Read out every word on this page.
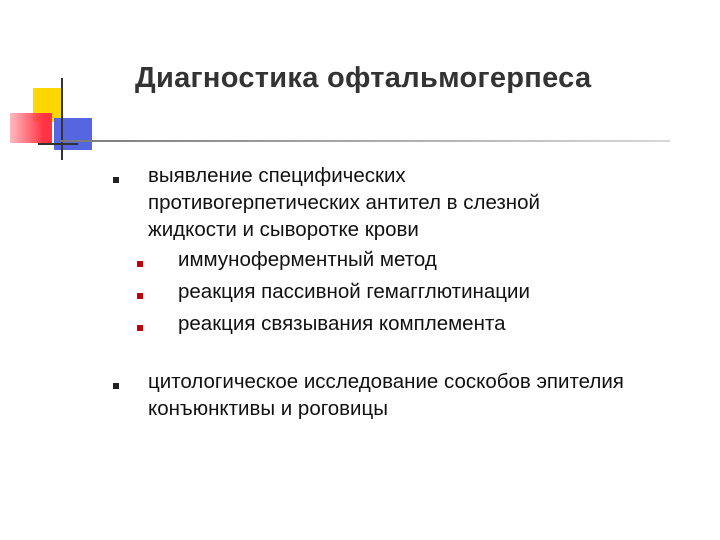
Диагностика офтальмогерпеса

выявление специфических

противогерпетических антител в слезной

жидкости и сыворотке крови

иммуноферментный метод

реакция пассивной гемагглютинации

реакция связывания комплемента

цитологическое исследование соскобов эпителия

конъюнктивы и роговицы
